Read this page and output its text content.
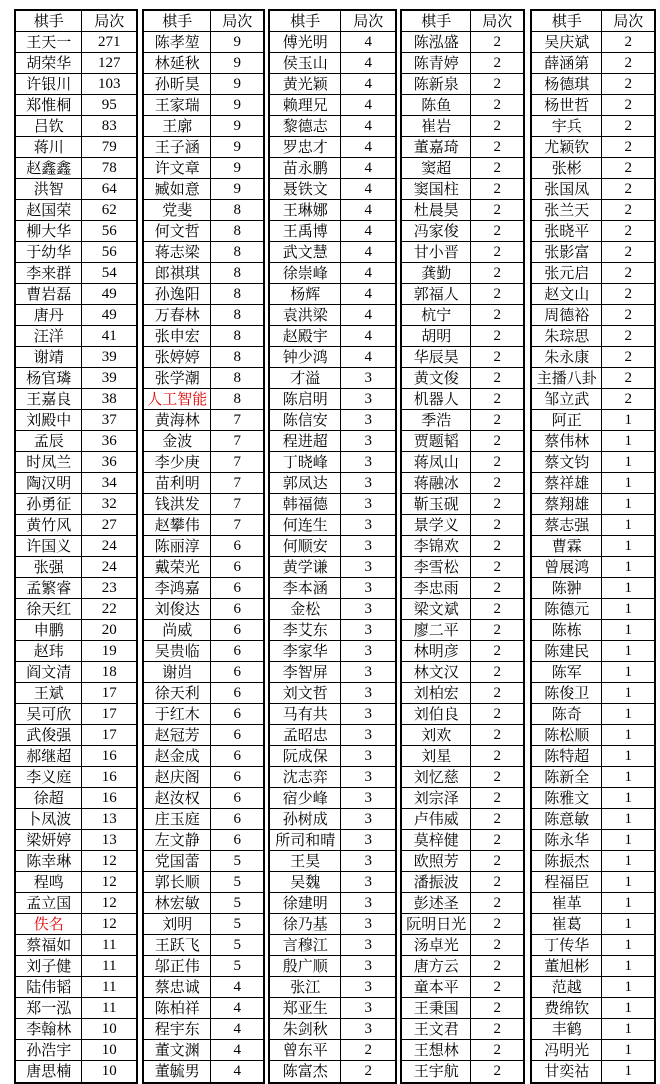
棋手	局次
王天一	271
胡荣华	127
许银川	103
郑惟桐	95
吕钦	83
蒋川	79
赵鑫鑫	78
洪智	64
赵国荣	62
柳大华	56
于幼华	56
李来群	54
曹岩磊	49
唐丹	49
汪洋	41
谢靖	39
杨官璘	39
王嘉良	38
刘殿中	37
孟辰	36
时凤兰	36
陶汉明	34
孙勇征	32
黄竹风	27
许国义	24
张强	24
孟繁睿	23
徐天红	22
申鹏	20
赵玮	19
阎文清	18
王斌	17
吴可欣	17
武俊强	17
郝继超	16
李义庭	16
徐超	16
卜凤波	13
梁妍婷	13
陈幸琳	12
程鸣	12
孟立国	12
佚名	12
蔡福如	11
刘子健	11
陆伟韬	11
郑一泓	11
李翰林	10
孙浩宇	10
唐思楠	10
棋手	局次
陈孝堃	9
林延秋	9
孙昕昊	9
王家瑞	9
王廓	9
王子涵	9
许文章	9
臧如意	9
党斐	8
何文哲	8
蒋志梁	8
郎祺琪	8
孙逸阳	8
万春林	8
张申宏	8
张婷婷	8
张学潮	8
人工智能	8
黄海林	7
金波	7
李少庚	7
苗利明	7
钱洪发	7
赵攀伟	7
陈丽淳	6
戴荣光	6
李鸿嘉	6
刘俊达	6
尚威	6
吴贵临	6
谢岿	6
徐天利	6
于红木	6
赵冠芳	6
赵金成	6
赵庆阁	6
赵汝权	6
庄玉庭	6
左文静	6
党国蕾	5
郭长顺	5
林宏敏	5
刘明	5
王跃飞	5
邬正伟	5
蔡忠诚	4
陈柏祥	4
程宇东	4
董文渊	4
董毓男	4
棋手	局次
傅光明	4
侯玉山	4
黄光颖	4
赖理兄	4
黎德志	4
罗忠才	4
苗永鹏	4
聂铁文	4
王琳娜	4
王禹博	4
武文慧	4
徐崇峰	4
杨辉	4
袁洪梁	4
赵殿宇	4
钟少鸿	4
才溢	3
陈启明	3
陈信安	3
程进超	3
丁晓峰	3
郭凤达	3
韩福德	3
何连生	3
何顺安	3
黄学谦	3
李本涵	3
金松	3
李艾东	3
李家华	3
李智屏	3
刘文哲	3
马有共	3
孟昭忠	3
阮成保	3
沈志弈	3
宿少峰	3
孙树成	3
所司和晴	3
王昊	3
吴魏	3
徐建明	3
徐乃基	3
言穆江	3
殷广顺	3
张江	3
郑亚生	3
朱剑秋	3
曾东平	2
陈富杰	2
棋手	局次
陈泓盛	2
陈青婷	2
陈新泉	2
陈鱼	2
崔岩	2
董嘉琦	2
窦超	2
窦国柱	2
杜晨昊	2
冯家俊	2
甘小晋	2
龚勤	2
郭福人	2
杭宁	2
胡明	2
华辰昊	2
黄文俊	2
机器人	2
季浩	2
贾题韬	2
蒋凤山	2
蒋融冰	2
靳玉砚	2
景学义	2
李锦欢	2
李雪松	2
李忠雨	2
梁文斌	2
廖二平	2
林明彦	2
林文汉	2
刘柏宏	2
刘伯良	2
刘欢	2
刘星	2
刘忆慈	2
刘宗泽	2
卢伟威	2
莫梓健	2
欧照芳	2
潘振波	2
彭述圣	2
阮明日光	2
汤卓光	2
唐方云	2
童本平	2
王秉国	2
王文君	2
王想林	2
王宇航	2
棋手	局次
吴庆斌	2
薛涵第	2
杨德琪	2
杨世哲	2
宇兵	2
尤颖钦	2
张彬	2
张国凤	2
张兰天	2
张晓平	2
张影富	2
张元启	2
赵文山	2
周德裕	2
朱琮思	2
朱永康	2
主播八卦	2
邹立武	2
阿正	1
蔡伟林	1
蔡文钧	1
蔡祥雄	1
蔡翔雄	1
蔡志强	1
曹霖	1
曾展鸿	1
陈翀	1
陈德元	1
陈栋	1
陈建民	1
陈军	1
陈俊卫	1
陈奇	1
陈松顺	1
陈特超	1
陈新全	1
陈雅文	1
陈意敏	1
陈永华	1
陈振杰	1
程福臣	1
崔革	1
崔葛	1
丁传华	1
董旭彬	1
范越	1
费绵钦	1
丰鹤	1
冯明光	1
甘奕祜	1
